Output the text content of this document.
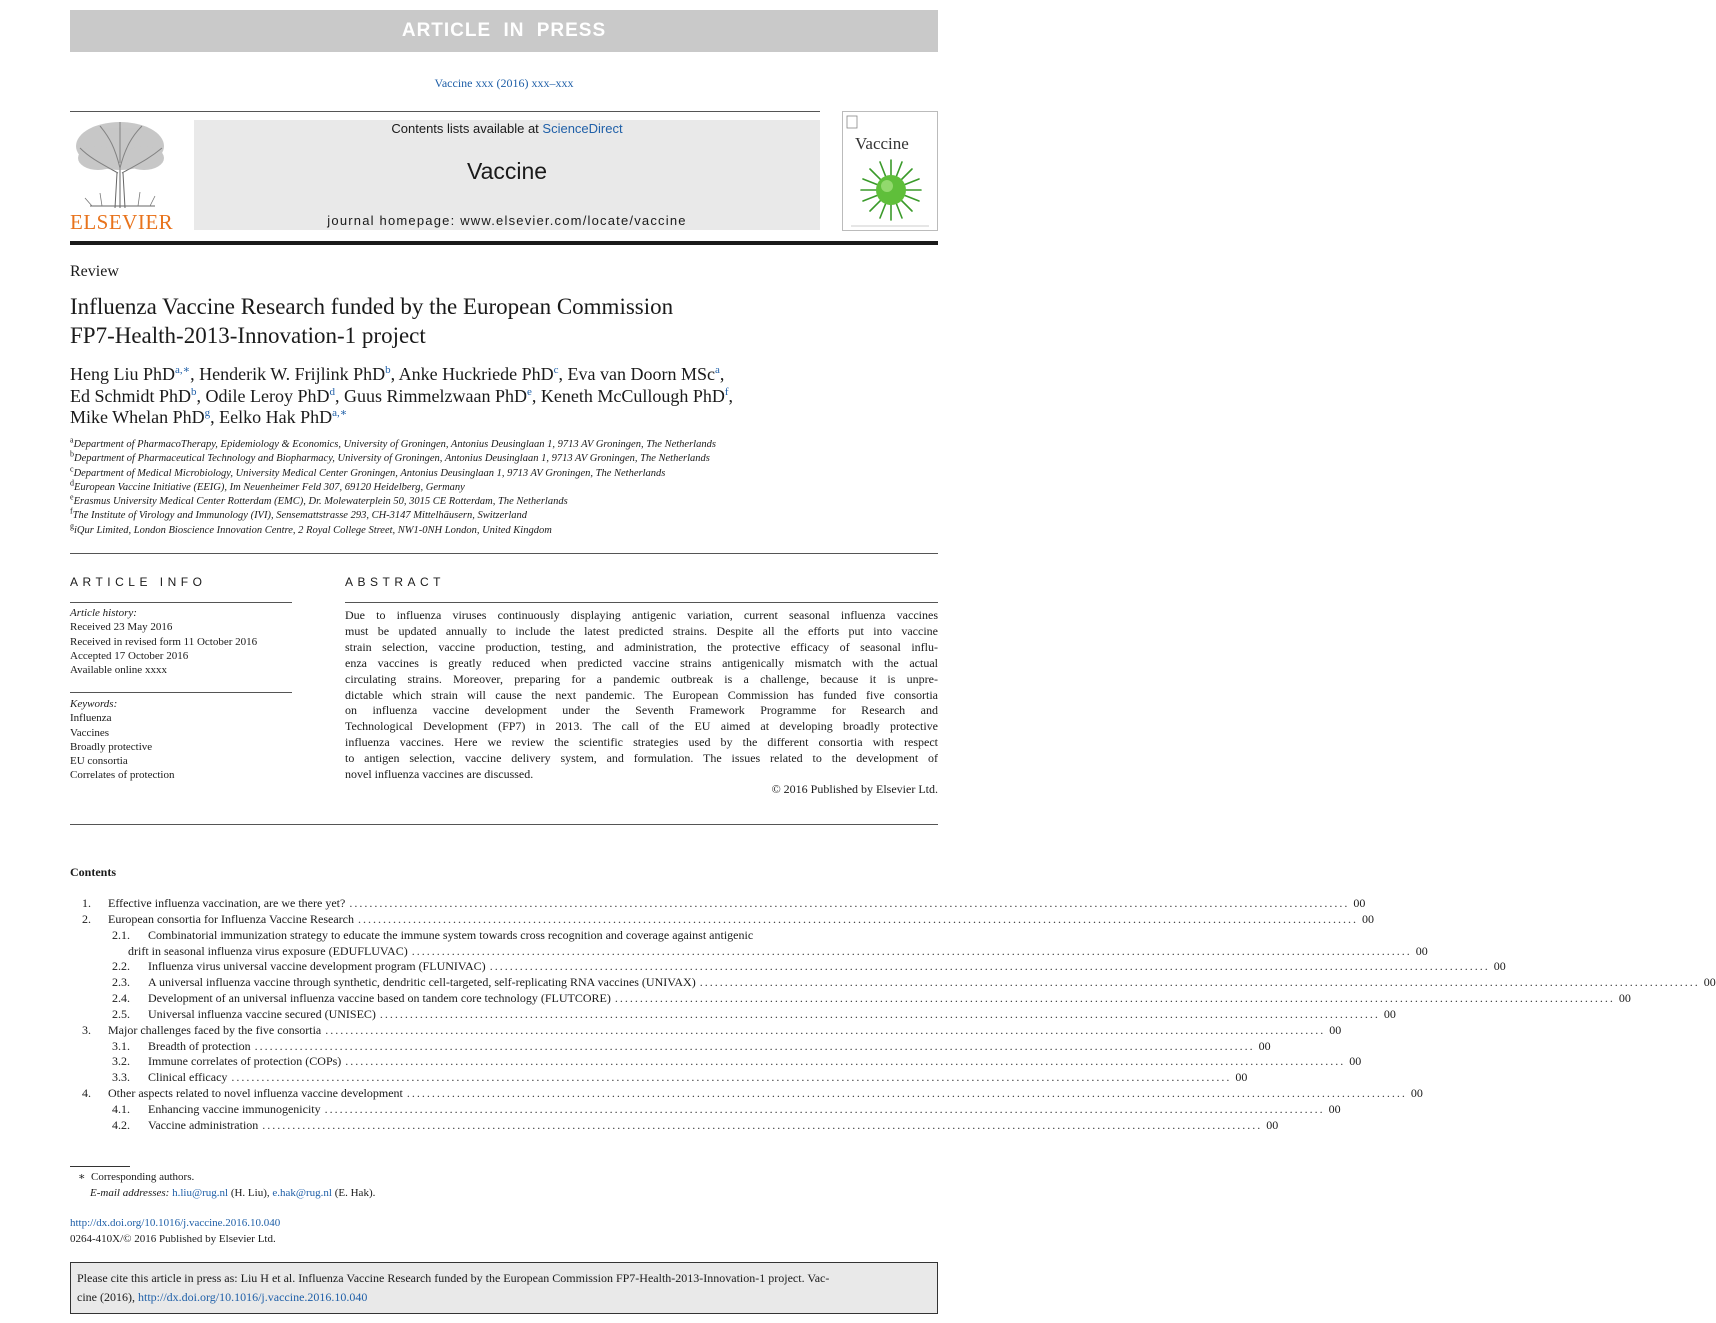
ARTICLE IN PRESS
Vaccine xxx (2016) xxx–xxx
ELSEVIER
Contents lists available at ScienceDirect
Vaccine
journal homepage: www.elsevier.com/locate/vaccine
Vaccine
Review
Influenza Vaccine Research funded by the European Commission
FP7-Health-2013-Innovation-1 project
Heng Liu PhD$^{a,∗}$, Henderik W. Frijlink PhD$^b$, Anke Huckriede PhD$^c$, Eva van Doorn MSc$^a$,
Ed Schmidt PhD$^b$, Odile Leroy PhD$^d$, Guus Rimmelzwaan PhD$^e$, Keneth McCullough PhD$^f$,
Mike Whelan PhD$^g$, Eelko Hak PhD$^{a,∗}$
$^a$Department of PharmacoTherapy, Epidemiology & Economics, University of Groningen, Antonius Deusinglaan 1, 9713 AV Groningen, The Netherlands
$^b$Department of Pharmaceutical Technology and Biopharmacy, University of Groningen, Antonius Deusinglaan 1, 9713 AV Groningen, The Netherlands
$^c$Department of Medical Microbiology, University Medical Center Groningen, Antonius Deusinglaan 1, 9713 AV Groningen, The Netherlands
$^d$European Vaccine Initiative (EEIG), Im Neuenheimer Feld 307, 69120 Heidelberg, Germany
$^e$Erasmus University Medical Center Rotterdam (EMC), Dr. Molewaterplein 50, 3015 CE Rotterdam, The Netherlands
$^f$The Institute of Virology and Immunology (IVI), Sensemattstrasse 293, CH-3147 Mittelhäusern, Switzerland
$^g$iQur Limited, London Bioscience Innovation Centre, 2 Royal College Street, NW1-0NH London, United Kingdom
ARTICLE INFO
Article history:
Received 23 May 2016
Received in revised form 11 October 2016
Accepted 17 October 2016
Available online xxxx
Keywords:
Influenza
Vaccines
Broadly protective
EU consortia
Correlates of protection
ABSTRACT
Due to influenza viruses continuously displaying antigenic variation, current seasonal influenza vaccines
must be updated annually to include the latest predicted strains. Despite all the efforts put into vaccine
strain selection, vaccine production, testing, and administration, the protective efficacy of seasonal influ-
enza vaccines is greatly reduced when predicted vaccine strains antigenically mismatch with the actual
circulating strains. Moreover, preparing for a pandemic outbreak is a challenge, because it is unpre-
dictable which strain will cause the next pandemic. The European Commission has funded five consortia
on influenza vaccine development under the Seventh Framework Programme for Research and
Technological Development (FP7) in 2013. The call of the EU aimed at developing broadly protective
influenza vaccines. Here we review the scientific strategies used by the different consortia with respect
to antigen selection, vaccine delivery system, and formulation. The issues related to the development of
novel influenza vaccines are discussed.
© 2016 Published by Elsevier Ltd.
Contents
1. Effective influenza vaccination, are we there yet? ........................................................................................................................................................................................................ 00
2. European consortia for Influenza Vaccine Research ........................................................................................................................................................................................................ 00
2.1. Combinatorial immunization strategy to educate the immune system towards cross recognition and coverage against antigenic
drift in seasonal influenza virus exposure (EDUFLUVAC) ........................................................................................................................................................................................................ 00
2.2. Influenza virus universal vaccine development program (FLUNIVAC) ........................................................................................................................................................................................................ 00
2.3. A universal influenza vaccine through synthetic, dendritic cell-targeted, self-replicating RNA vaccines (UNIVAX) ........................................................................................................................................................................................................ 00
2.4. Development of an universal influenza vaccine based on tandem core technology (FLUTCORE) ........................................................................................................................................................................................................ 00
2.5. Universal influenza vaccine secured (UNISEC) ........................................................................................................................................................................................................ 00
3. Major challenges faced by the five consortia ........................................................................................................................................................................................................ 00
3.1. Breadth of protection ........................................................................................................................................................................................................ 00
3.2. Immune correlates of protection (COPs) ........................................................................................................................................................................................................ 00
3.3. Clinical efficacy ........................................................................................................................................................................................................ 00
4. Other aspects related to novel influenza vaccine development ........................................................................................................................................................................................................ 00
4.1. Enhancing vaccine immunogenicity ........................................................................................................................................................................................................ 00
4.2. Vaccine administration ........................................................................................................................................................................................................ 00
∗ Corresponding authors.
E-mail addresses: h.liu@rug.nl (H. Liu), e.hak@rug.nl (E. Hak).
http://dx.doi.org/10.1016/j.vaccine.2016.10.040
0264-410X/© 2016 Published by Elsevier Ltd.
Please cite this article in press as: Liu H et al. Influenza Vaccine Research funded by the European Commission FP7-Health-2013-Innovation-1 project. Vac-
cine (2016), http://dx.doi.org/10.1016/j.vaccine.2016.10.040
